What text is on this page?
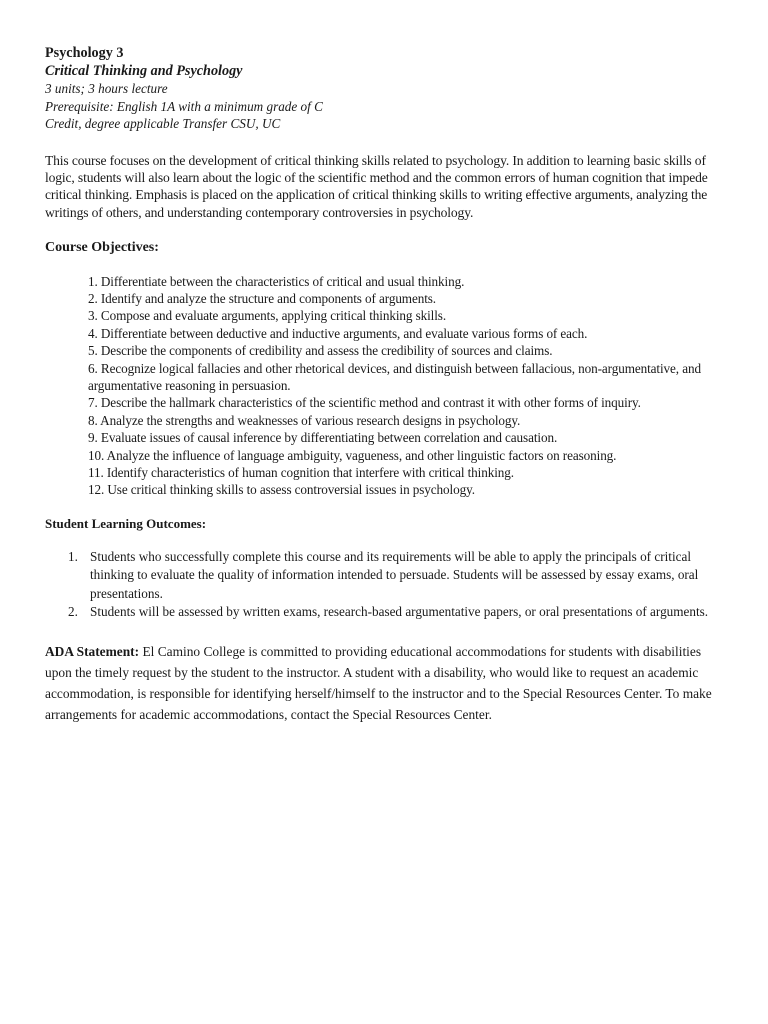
Psychology 3
Critical Thinking and Psychology
3 units; 3 hours lecture
Prerequisite: English 1A with a minimum grade of C
Credit, degree applicable Transfer CSU, UC

This course focuses on the development of critical thinking skills related to psychology. In addition to learning basic skills of logic, students will also learn about the logic of the scientific method and the common errors of human cognition that impede critical thinking. Emphasis is placed on the application of critical thinking skills to writing effective arguments, analyzing the writings of others, and understanding contemporary controversies in psychology.

Course Objectives:
1. Differentiate between the characteristics of critical and usual thinking.
2. Identify and analyze the structure and components of arguments.
3. Compose and evaluate arguments, applying critical thinking skills.
4. Differentiate between deductive and inductive arguments, and evaluate various forms of each.
5. Describe the components of credibility and assess the credibility of sources and claims.
6. Recognize logical fallacies and other rhetorical devices, and distinguish between fallacious, non-argumentative, and argumentative reasoning in persuasion.
7. Describe the hallmark characteristics of the scientific method and contrast it with other forms of inquiry.
8. Analyze the strengths and weaknesses of various research designs in psychology.
9. Evaluate issues of causal inference by differentiating between correlation and causation.
10. Analyze the influence of language ambiguity, vagueness, and other linguistic factors on reasoning.
11. Identify characteristics of human cognition that interfere with critical thinking.
12. Use critical thinking skills to assess controversial issues in psychology.
Student Learning Outcomes:
1. Students who successfully complete this course and its requirements will be able to apply the principals of critical thinking to evaluate the quality of information intended to persuade. Students will be assessed by essay exams, oral presentations.
2. Students will be assessed by written exams, research-based argumentative papers, or oral presentations of arguments.

ADA Statement: El Camino College is committed to providing educational accommodations for students with disabilities upon the timely request by the student to the instructor. A student with a disability, who would like to request an academic accommodation, is responsible for identifying herself/himself to the instructor and to the Special Resources Center. To make arrangements for academic accommodations, contact the Special Resources Center.
